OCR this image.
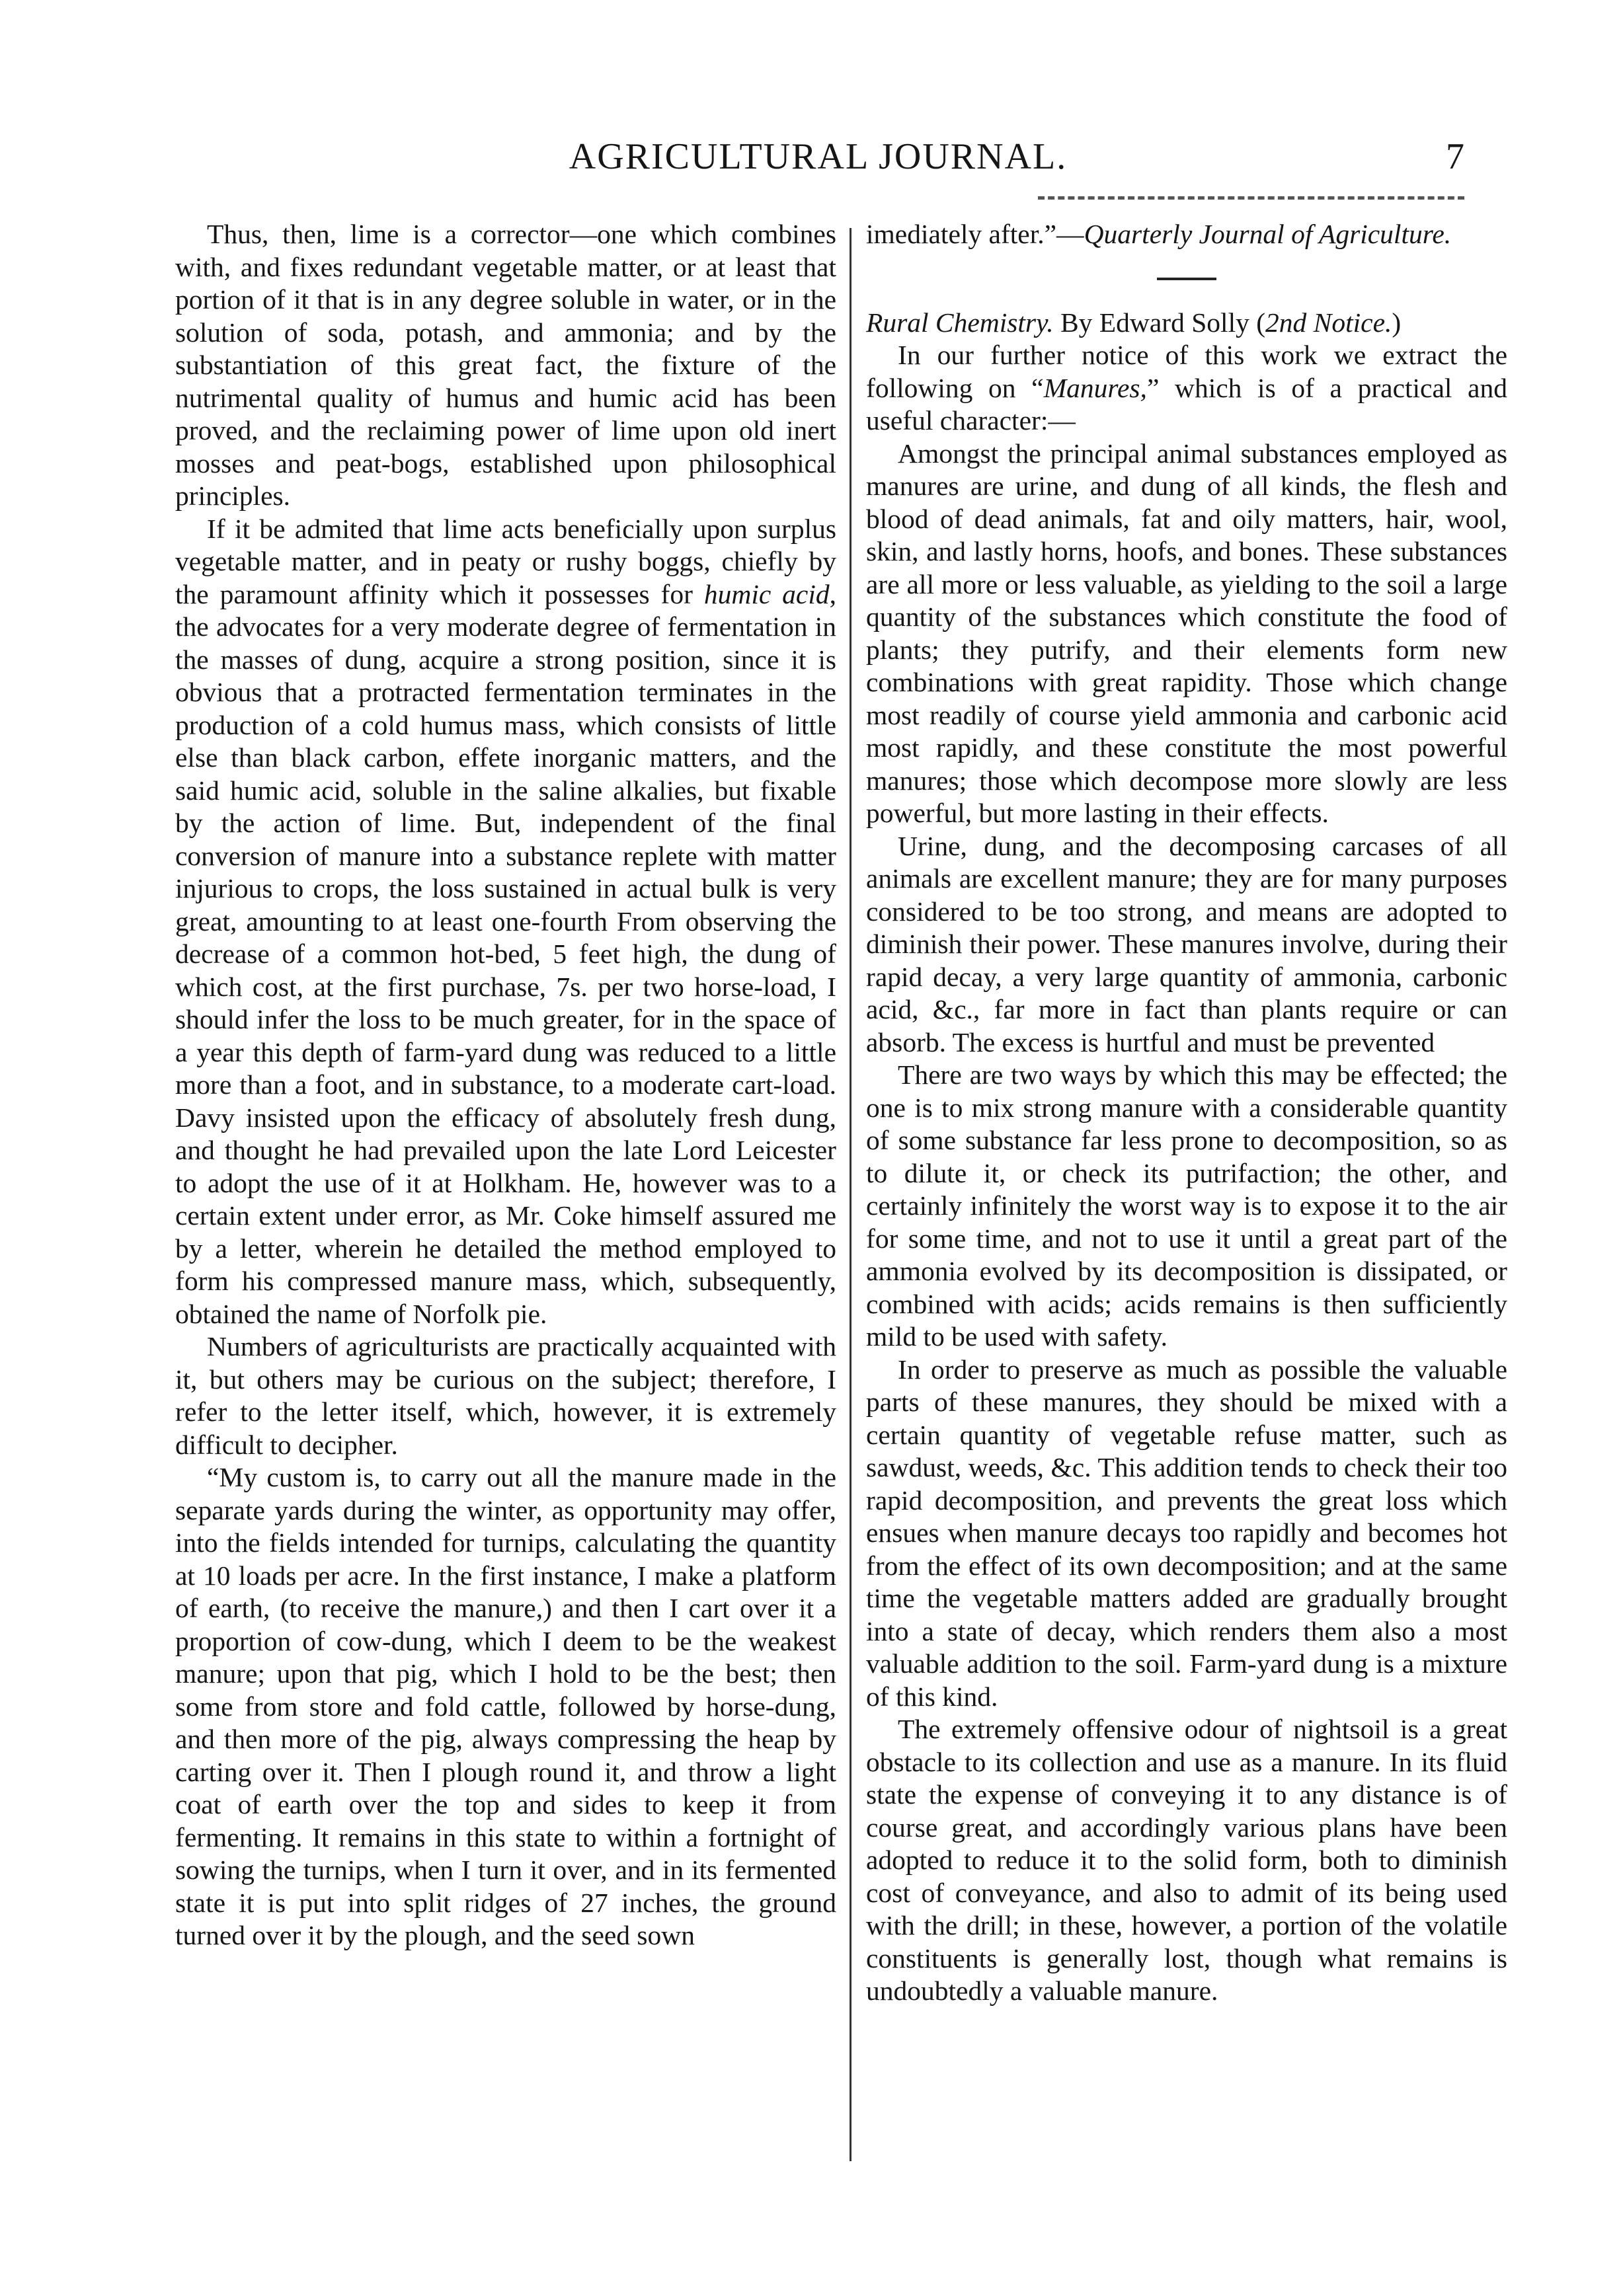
AGRICULTURAL JOURNAL.	7

Thus, then, lime is a corrector—one which combines with, and fixes redundant vegetable matter, or at least that portion of it that is in any degree soluble in water, or in the solution of soda, potash, and ammonia; and by the substantiation of this great fact, the fixture of the nutrimental quality of humus and humic acid has been proved, and the reclaiming power of lime upon old inert mosses and peat-bogs, established upon philosophical principles.

If it be admited that lime acts beneficially upon surplus vegetable matter, and in peaty or rushy boggs, chiefly by the paramount affinity which it possesses for humic acid, the advocates for a very moderate degree of fermentation in the masses of dung, acquire a strong position, since it is obvious that a protracted fermentation terminates in the production of a cold humus mass, which consists of little else than black carbon, effete inorganic matters, and the said humic acid, soluble in the saline alkalies, but fixable by the action of lime. But, independent of the final conversion of manure into a substance replete with matter injurious to crops, the loss sustained in actual bulk is very great, amounting to at least one-fourth From observing the decrease of a common hot-bed, 5 feet high, the dung of which cost, at the first purchase, 7s. per two horse-load, I should infer the loss to be much greater, for in the space of a year this depth of farm-yard dung was reduced to a little more than a foot, and in substance, to a moderate cart-load. Davy insisted upon the efficacy of absolutely fresh dung, and thought he had prevailed upon the late Lord Leicester to adopt the use of it at Holkham. He, however was to a certain extent under error, as Mr. Coke himself assured me by a letter, wherein he detailed the method employed to form his compressed manure mass, which, subsequently, obtained the name of Norfolk pie.

Numbers of agriculturists are practically acquainted with it, but others may be curious on the subject; therefore, I refer to the letter itself, which, however, it is extremely difficult to decipher.

“My custom is, to carry out all the manure made in the separate yards during the winter, as opportunity may offer, into the fields intended for turnips, calculating the quantity at 10 loads per acre. In the first instance, I make a platform of earth, (to receive the manure,) and then I cart over it a proportion of cow-dung, which I deem to be the weakest manure; upon that pig, which I hold to be the best; then some from store and fold cattle, followed by horse-dung, and then more of the pig, always compressing the heap by carting over it. Then I plough round it, and throw a light coat of earth over the top and sides to keep it from fermenting. It remains in this state to within a fortnight of sowing the turnips, when I turn it over, and in its fermented state it is put into split ridges of 27 inches, the ground turned over it by the plough, and the seed sown

imediately after.”—Quarterly Journal of Agriculture.

Rural Chemistry. By Edward Solly (2nd Notice.)

In our further notice of this work we extract the following on “Manures,” which is of a practical and useful character:—

Amongst the principal animal substances employed as manures are urine, and dung of all kinds, the flesh and blood of dead animals, fat and oily matters, hair, wool, skin, and lastly horns, hoofs, and bones. These substances are all more or less valuable, as yielding to the soil a large quantity of the substances which constitute the food of plants; they putrify, and their elements form new combinations with great rapidity. Those which change most readily of course yield ammonia and carbonic acid most rapidly, and these constitute the most powerful manures; those which decompose more slowly are less powerful, but more lasting in their effects.

Urine, dung, and the decomposing carcases of all animals are excellent manure; they are for many purposes considered to be too strong, and means are adopted to diminish their power. These manures involve, during their rapid decay, a very large quantity of ammonia, carbonic acid, &c., far more in fact than plants require or can absorb. The excess is hurtful and must be prevented

There are two ways by which this may be effected; the one is to mix strong manure with a considerable quantity of some substance far less prone to decomposition, so as to dilute it, or check its putrifaction; the other, and certainly infinitely the worst way is to expose it to the air for some time, and not to use it until a great part of the ammonia evolved by its decomposition is dissipated, or combined with acids; acids remains is then sufficiently mild to be used with safety.

In order to preserve as much as possible the valuable parts of these manures, they should be mixed with a certain quantity of vegetable refuse matter, such as sawdust, weeds, &c. This addition tends to check their too rapid decomposition, and prevents the great loss which ensues when manure decays too rapidly and becomes hot from the effect of its own decomposition; and at the same time the vegetable matters added are gradually brought into a state of decay, which renders them also a most valuable addition to the soil. Farm-yard dung is a mixture of this kind.

The extremely offensive odour of nightsoil is a great obstacle to its collection and use as a manure. In its fluid state the expense of conveying it to any distance is of course great, and accordingly various plans have been adopted to reduce it to the solid form, both to diminish cost of conveyance, and also to admit of its being used with the drill; in these, however, a portion of the volatile constituents is generally lost, though what remains is undoubtedly a valuable manure.
